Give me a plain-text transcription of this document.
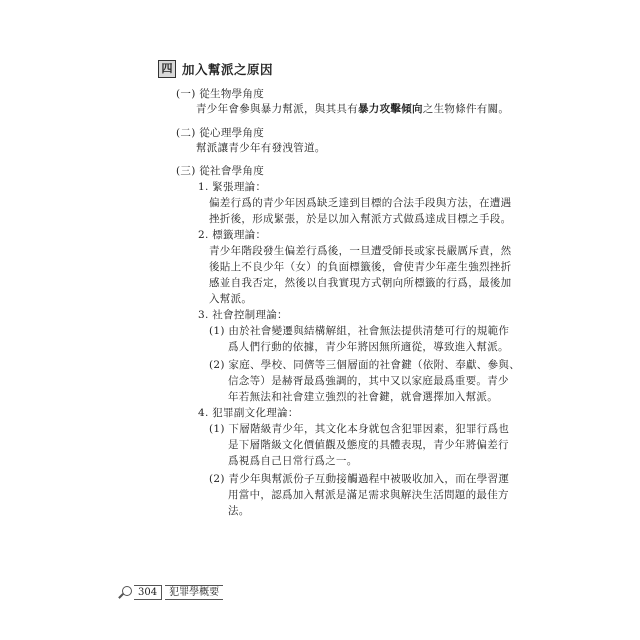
四 加入幫派之原因
(一) 從生物學角度
青少年會參與暴力幫派，與其具有暴力攻擊傾向之生物條件有關。
(二) 從心理學角度
幫派讓青少年有發洩管道。
(三) 從社會學角度
1. 緊張理論：
偏差行爲的青少年因爲缺乏達到目標的合法手段與方法，在遭遇
挫折後，形成緊張，於是以加入幫派方式做爲達成目標之手段。
2. 標籤理論：
青少年階段發生偏差行爲後，一旦遭受師長或家長嚴厲斥責，然
後貼上不良少年（女）的負面標籤後，會使青少年產生強烈挫折
感並自我否定，然後以自我實現方式朝向所標籤的行爲，最後加
入幫派。
3. 社會控制理論：
(1) 由於社會變遷與結構解組，社會無法提供清楚可行的規範作
爲人們行動的依據，青少年將因無所適從，導致進入幫派。
(2) 家庭、學校、同儕等三個層面的社會鍵（依附、奉獻、參與、
信念等）是赫胥最爲強調的，其中又以家庭最爲重要。青少
年若無法和社會建立強烈的社會鍵，就會選擇加入幫派。
4. 犯罪副文化理論：
(1) 下層階級青少年，其文化本身就包含犯罪因素，犯罪行爲也
是下層階級文化價値觀及態度的具體表現，青少年將偏差行
爲視爲自己日常行爲之一。
(2) 青少年與幫派份子互動接觸過程中被吸收加入，而在學習運
用當中，認爲加入幫派是滿足需求與解決生活問題的最佳方
法。
304	犯罪學概要
